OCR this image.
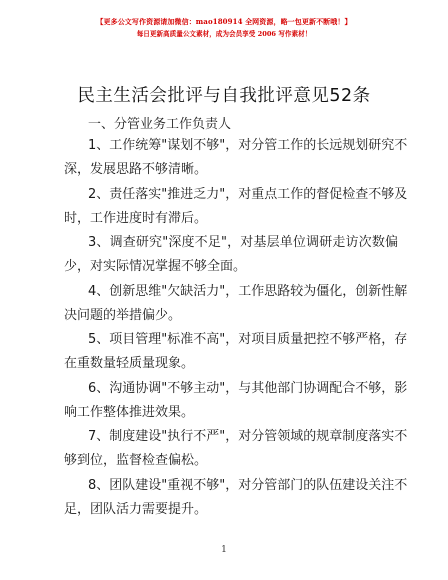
【更多公文写作资源请加微信：mao180914 全网资源，略一包更新不断哦！】
每日更新高质量公文素材，成为会员享受 2006 写作素材！
民主生活会批评与自我批评意见52条
一、分管业务工作负责人
1、工作统筹"谋划不够"，对分管工作的长远规划研究不
深，发展思路不够清晰。
2、责任落实"推进乏力"，对重点工作的督促检查不够及
时，工作进度时有滞后。
3、调查研究"深度不足"，对基层单位调研走访次数偏
少，对实际情况掌握不够全面。
4、创新思维"欠缺活力"，工作思路较为僵化，创新性解
决问题的举措偏少。
5、项目管理"标准不高"，对项目质量把控不够严格，存
在重数量轻质量现象。
6、沟通协调"不够主动"，与其他部门协调配合不够，影
响工作整体推进效果。
7、制度建设"执行不严"，对分管领域的规章制度落实不
够到位，监督检查偏松。
8、团队建设"重视不够"，对分管部门的队伍建设关注不
足，团队活力需要提升。
1
